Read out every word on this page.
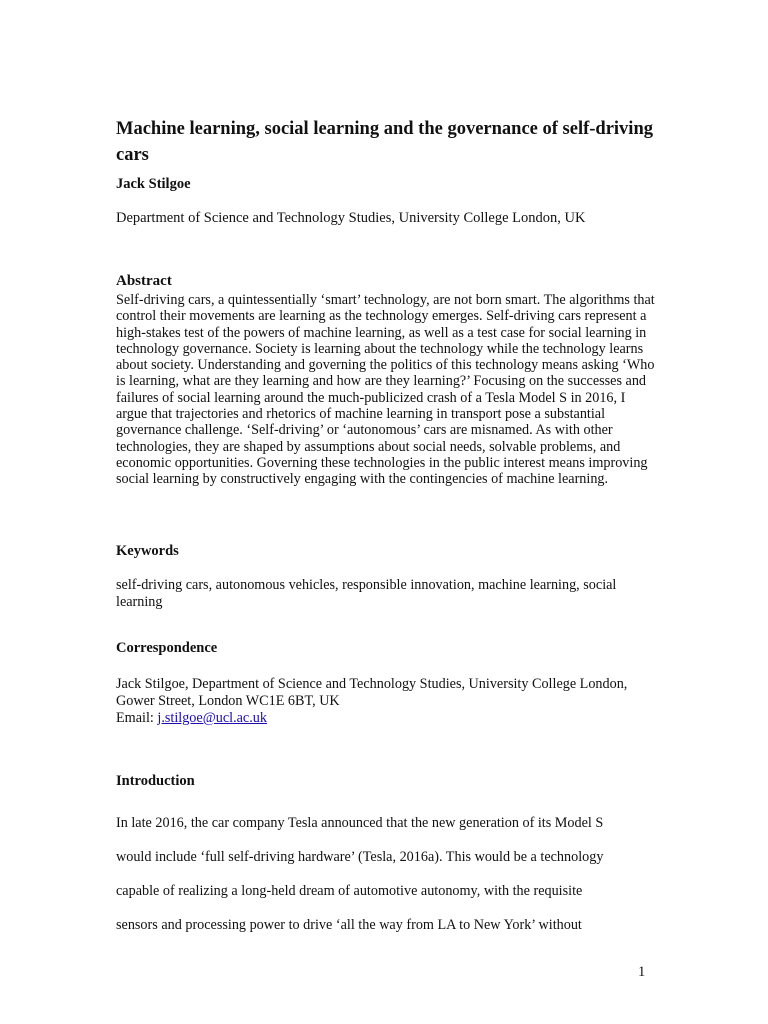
Machine learning, social learning and the governance of self-driving cars

Jack Stilgoe

Department of Science and Technology Studies, University College London, UK

Abstract

Self-driving cars, a quintessentially ‘smart’ technology, are not born smart. The algorithms that control their movements are learning as the technology emerges. Self-driving cars represent a high-stakes test of the powers of machine learning, as well as a test case for social learning in technology governance. Society is learning about the technology while the technology learns about society. Understanding and governing the politics of this technology means asking ‘Who is learning, what are they learning and how are they learning?’ Focusing on the successes and failures of social learning around the much-publicized crash of a Tesla Model S in 2016, I argue that trajectories and rhetorics of machine learning in transport pose a substantial governance challenge. ‘Self-driving’ or ‘autonomous’ cars are misnamed. As with other technologies, they are shaped by assumptions about social needs, solvable problems, and economic opportunities. Governing these technologies in the public interest means improving social learning by constructively engaging with the contingencies of machine learning.

Keywords

self-driving cars, autonomous vehicles, responsible innovation, machine learning, social learning

Correspondence
Jack Stilgoe, Department of Science and Technology Studies, University College London, Gower Street, London WC1E 6BT, UK
Email: j.stilgoe@ucl.ac.uk
Introduction
In late 2016, the car company Tesla announced that the new generation of its Model S
would include ‘full self-driving hardware’ (Tesla, 2016a). This would be a technology
capable of realizing a long-held dream of automotive autonomy, with the requisite
sensors and processing power to drive ‘all the way from LA to New York’ without

1
